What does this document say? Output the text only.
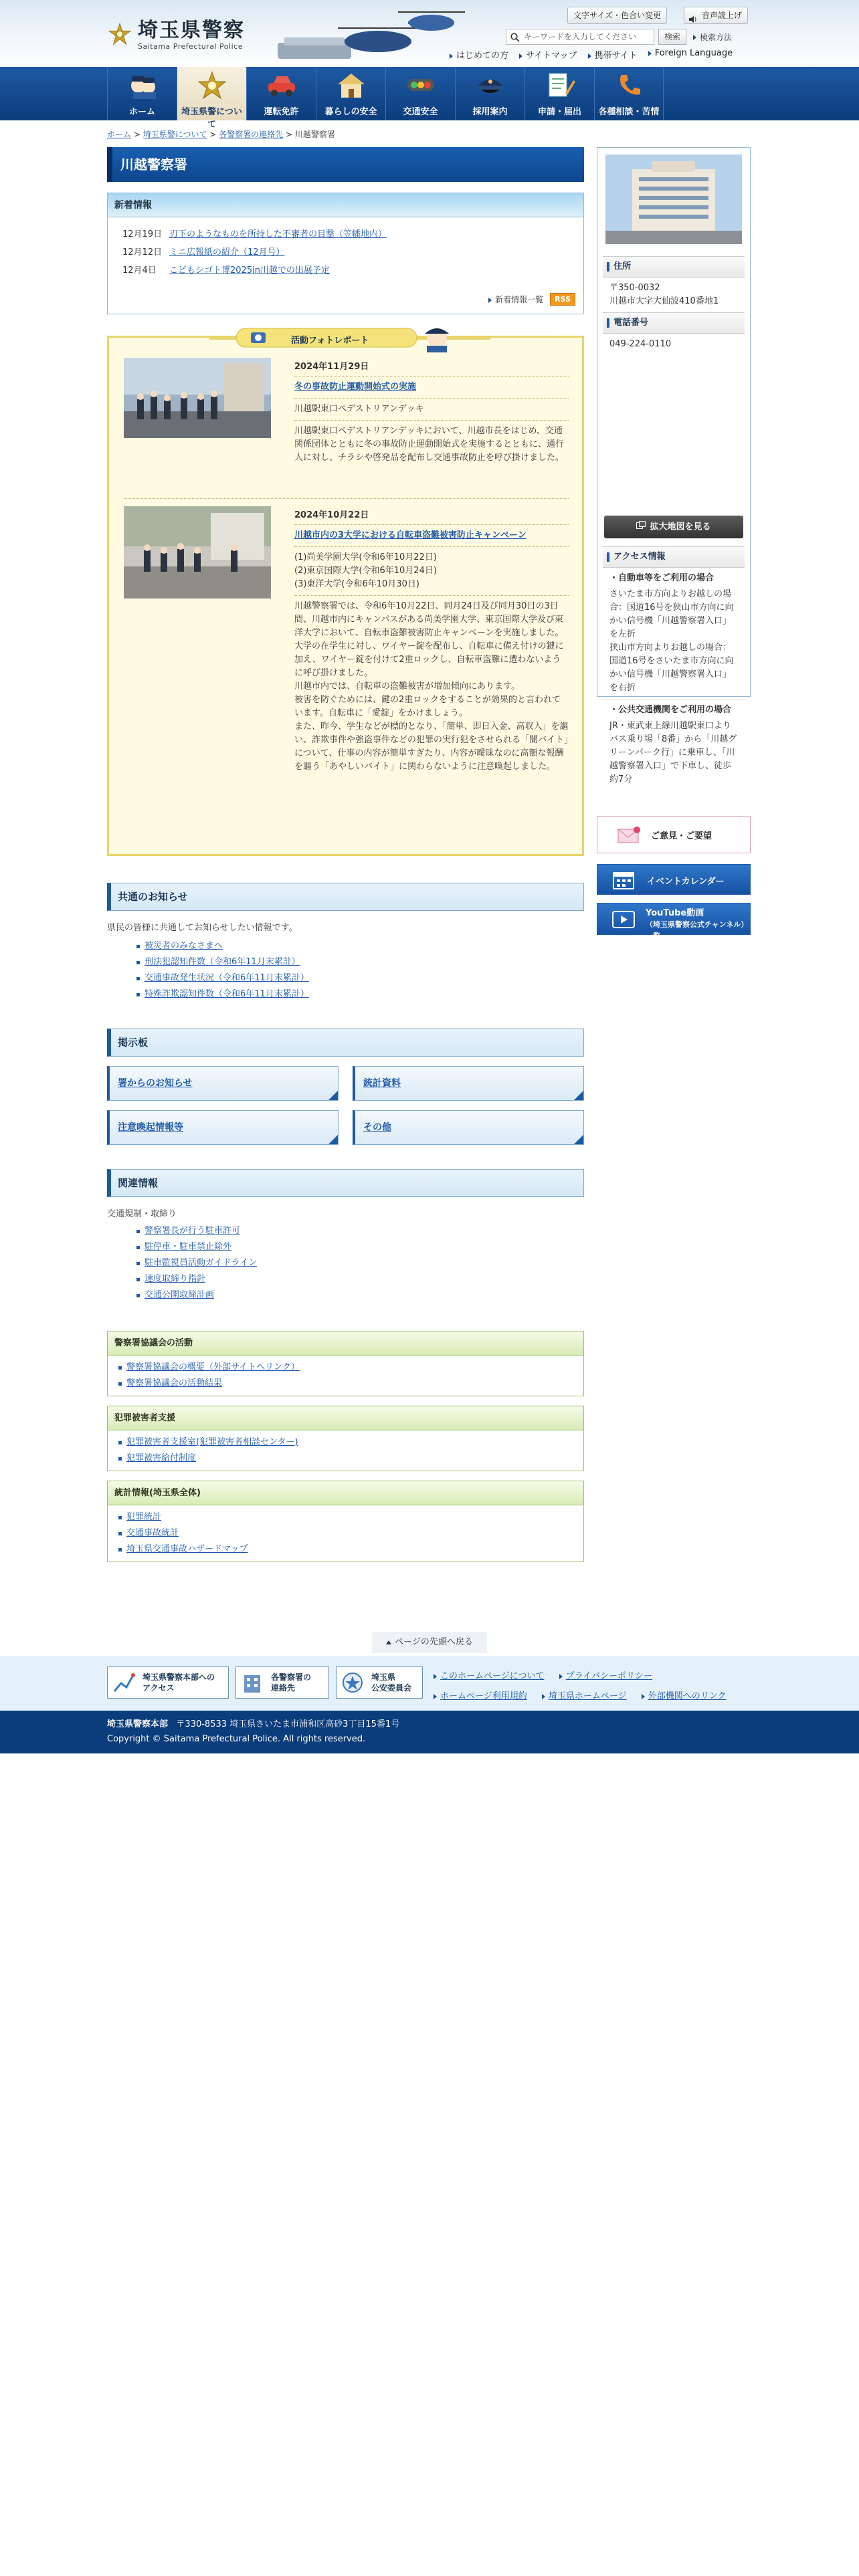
埼玉県警察
Saitama Prefectural Police
文字サイズ・色合い変更	音声読上げ
キーワードを入力してください	検索	検索方法
はじめての方	サイトマップ	携帯サイト	Foreign Language
ホーム	埼玉県警について
運転免許	暮らしの安全	交通安全	採用案内	申請・届出	各種相談・苦情
ホーム > 埼玉県警について > 各警察署の連絡先 > 川越警察署
川越警察署
新着情報
12月19日 刃下のようなものを所持した不審者の目撃（笠幡地内）
12月12日 ミニ広報紙の紹介（12月号）
12月4日 こどもシゴト博2025in川越での出展予定
新着情報一覧	RSS
活動フォトレポート
2024年11月29日
冬の事故防止運動開始式の実施
川越駅東口ペデストリアンデッキ
川越駅東口ペデストリアンデッキにおいて、川越市長をはじめ、交通関係団体とともに冬の事故防止運動開始式を実施するとともに、通行人に対し、チラシや啓発品を配布し交通事故防止を呼び掛けました。
2024年10月22日
川越市内の3大学における自転車盗難被害防止キャンペーン
(1)尚美学園大学(令和6年10月22日)
(2)東京国際大学(令和6年10月24日)
(3)東洋大学(令和6年10月30日)
川越警察署では、令和6年10月22日、同月24日及び同月30日の3日間、川越市内にキャンパスがある尚美学園大学、東京国際大学及び東洋大学において、自転車盗難被害防止キャンペーンを実施しました。
大学の在学生に対し、ワイヤー錠を配布し、自転車に備え付けの鍵に加え、ワイヤー錠を付けて2重ロックし、自転車盗難に遭わないように呼び掛けました。
川越市内では、自転車の盗難被害が増加傾向にあります。
被害を防ぐためには、鍵の2重ロックをすることが効果的と言われています。自転車に「愛錠」をかけましょう。
また、昨今、学生などが標的となり、「簡単、即日入金、高収入」を謳い、詐欺事件や強盗事件などの犯罪の実行犯をさせられる「闇バイト」について、仕事の内容が簡単すぎたり、内容が曖昧なのに高額な報酬を謳う「あやしいバイト」に関わらないように注意喚起しました。
共通のお知らせ
県民の皆様に共通してお知らせしたい情報です。
被災者のみなさまへ
刑法犯認知件数（令和6年11月末累計）
交通事故発生状況（令和6年11月末累計）
特殊詐欺認知件数（令和6年11月末累計）
掲示板
署からのお知らせ	統計資料
注意喚起情報等	その他
関連情報
交通規制・取締り
警察署長が行う駐車許可
駐停車・駐車禁止除外
駐車監視員活動ガイドライン
速度取締り指針
交通公開取締計画
警察署協議会の活動
警察署協議会の概要（外部サイトへリンク）
警察署協議会の活動結果
犯罪被害者支援
犯罪被害者支援室(犯罪被害者相談センター)
犯罪被害給付制度
統計情報(埼玉県全体)
犯罪統計
交通事故統計
埼玉県交通事故ハザードマップ
住所
〒350-0032
川越市大字大仙波410番地1
電話番号
049-224-0110
拡大地図を見る
アクセス情報
・自動車等をご利用の場合
さいたま市方向よりお越しの場合：国道16号を狭山市方向に向かい信号機「川越警察署入口」を左折
狭山市方向よりお越しの場合：国道16号をさいたま市方向に向かい信号機「川越警察署入口」を右折
・公共交通機関をご利用の場合
JR・東武東上線川越駅東口よりバス乗り場「8番」から「川越グリーンパーク行」に乗車し、「川越警察署入口」で下車し、徒歩約7分
ご意見・ご要望
イベントカレンダー
YouTube動画
（埼玉県警察公式チャンネル）一覧
ページの先頭へ戻る
埼玉県警察本部への
アクセス
各警察署の
連絡先
埼玉県
公安委員会
このホームページについて プライバシーポリシー
ホームページ利用規約 埼玉県ホームページ 外部機関へのリンク
埼玉県警察本部 〒330-8533 埼玉県さいたま市浦和区高砂3丁目15番1号
Copyright © Saitama Prefectural Police. All rights reserved.
